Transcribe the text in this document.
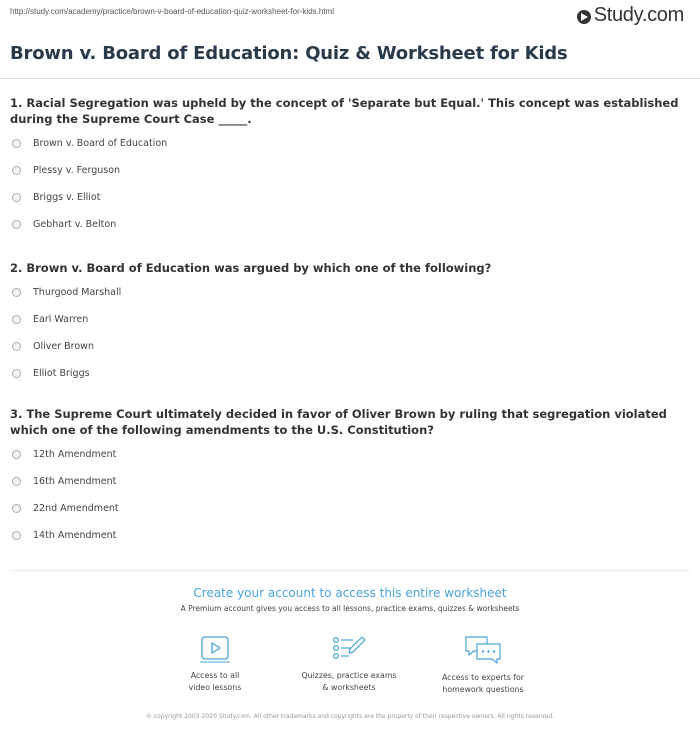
http://study.com/academy/practice/brown-v-board-of-education-quiz-worksheet-for-kids.html	Study.com
Brown v. Board of Education: Quiz & Worksheet for Kids

1. Racial Segregation was upheld by the concept of 'Separate but Equal.' This concept was established during the Supreme Court Case _____.

Brown v. Board of Education
Plessy v. Ferguson
Briggs v. Elliot
Gebhart v. Belton

2. Brown v. Board of Education was argued by which one of the following?

Thurgood Marshall
Earl Warren
Oliver Brown
Elliot Briggs

3. The Supreme Court ultimately decided in favor of Oliver Brown by ruling that segregation violated which one of the following amendments to the U.S. Constitution?

12th Amendment
16th Amendment
22nd Amendment
14th Amendment

Create your account to access this entire worksheet

A Premium account gives you access to all lessons, practice exams, quizzes & worksheets
Access to all
video lessons
Quizzes, practice exams
& worksheets
Access to experts for
homework questions
© copyright 2003-2020 Study.com. All other trademarks and copyrights are the property of their respective owners. All rights reserved.
